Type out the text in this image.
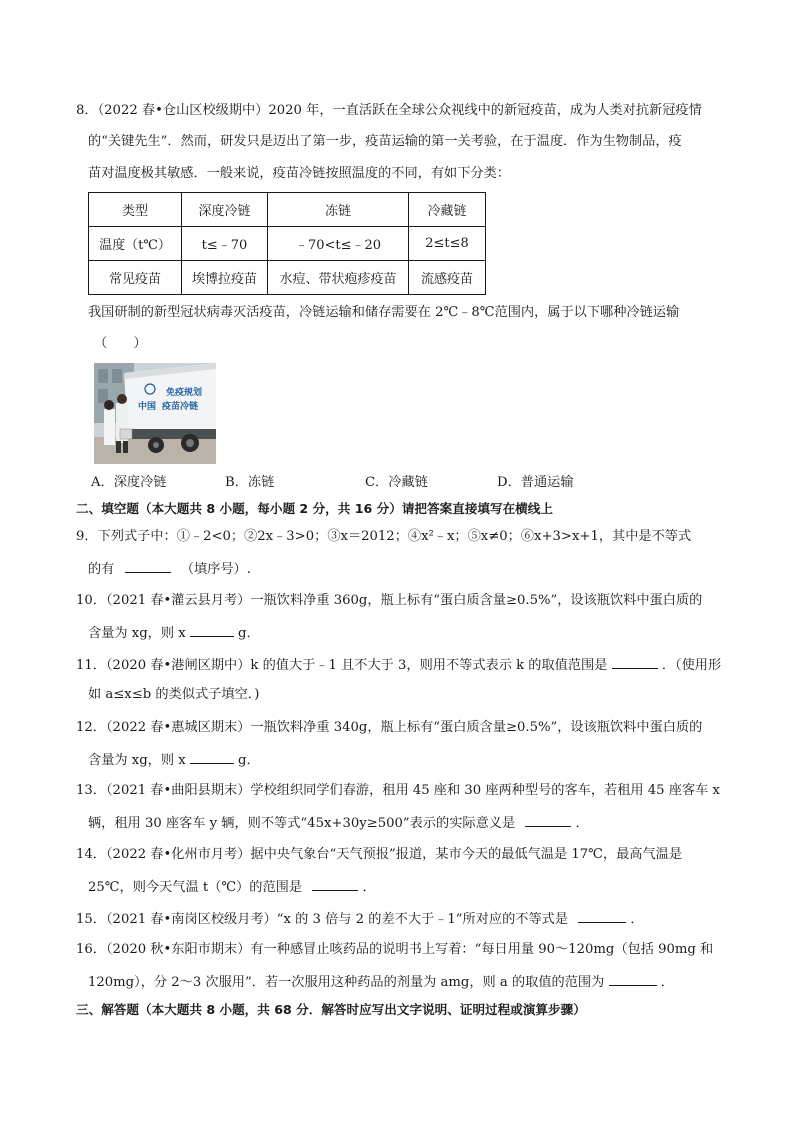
8．（2022 春•仓山区校级期中）2020 年，一直活跃在全球公众视线中的新冠疫苗，成为人类对抗新冠疫情
的“关键先生”．然而，研发只是迈出了第一步，疫苗运输的第一关考验，在于温度．作为生物制品，疫
苗对温度极其敏感．一般来说，疫苗冷链按照温度的不同，有如下分类：
类型	深度冷链	冻链	冷藏链
温度（t℃）	t≤﹣70	﹣70<t≤﹣20	2≤t≤8
常见疫苗	埃博拉疫苗	水痘、带状疱疹疫苗	流感疫苗
我国研制的新型冠状病毒灭活疫苗，冷链运输和储存需要在 2℃﹣8℃范围内，属于以下哪种冷链运输
（　　）
免疫规划
中国 疫苗冷链
A．深度冷链	B．冻链	C．冷藏链	D．普通运输
二、填空题（本大题共 8 小题，每小题 2 分，共 16 分）请把答案直接填写在横线上
9．下列式子中：①﹣2<0；②2x﹣3>0；③x＝2012；④x²﹣x；⑤x≠0；⑥x+3>x+1，其中是不等式
的有	（填序号）.
10．（2021 春•灌云县月考）一瓶饮料净重 360g，瓶上标有“蛋白质含量≥0.5%”，设该瓶饮料中蛋白质的
含量为 xg，则 x	g．
11．（2020 春•港闸区期中）k 的值大于﹣1 且不大于 3，则用不等式表示 k 的取值范围是	．（使用形
如 a≤x≤b 的类似式子填空．)
12．（2022 春•惠城区期末）一瓶饮料净重 340g，瓶上标有“蛋白质含量≥0.5%”，设该瓶饮料中蛋白质的
含量为 xg，则 x	g．
13．（2021 春•曲阳县期末）学校组织同学们春游，租用 45 座和 30 座两种型号的客车，若租用 45 座客车 x
辆，租用 30 座客车 y 辆，则不等式“45x+30y≥500”表示的实际意义是	．
14．（2022 春•化州市月考）据中央气象台“天气预报”报道，某市今天的最低气温是 17℃，最高气温是
25℃，则今天气温 t（℃）的范围是	．
15．（2021 春•南岗区校级月考）“x 的 3 倍与 2 的差不大于﹣1”所对应的不等式是	．
16．（2020 秋•东阳市期末）有一种感冒止咳药品的说明书上写着：“每日用量 90～120mg（包括 90mg 和
120mg），分 2～3 次服用”．若一次服用这种药品的剂量为 amg，则 a 的取值的范围为	．
三、解答题（本大题共 8 小题，共 68 分．解答时应写出文字说明、证明过程或演算步骤）
